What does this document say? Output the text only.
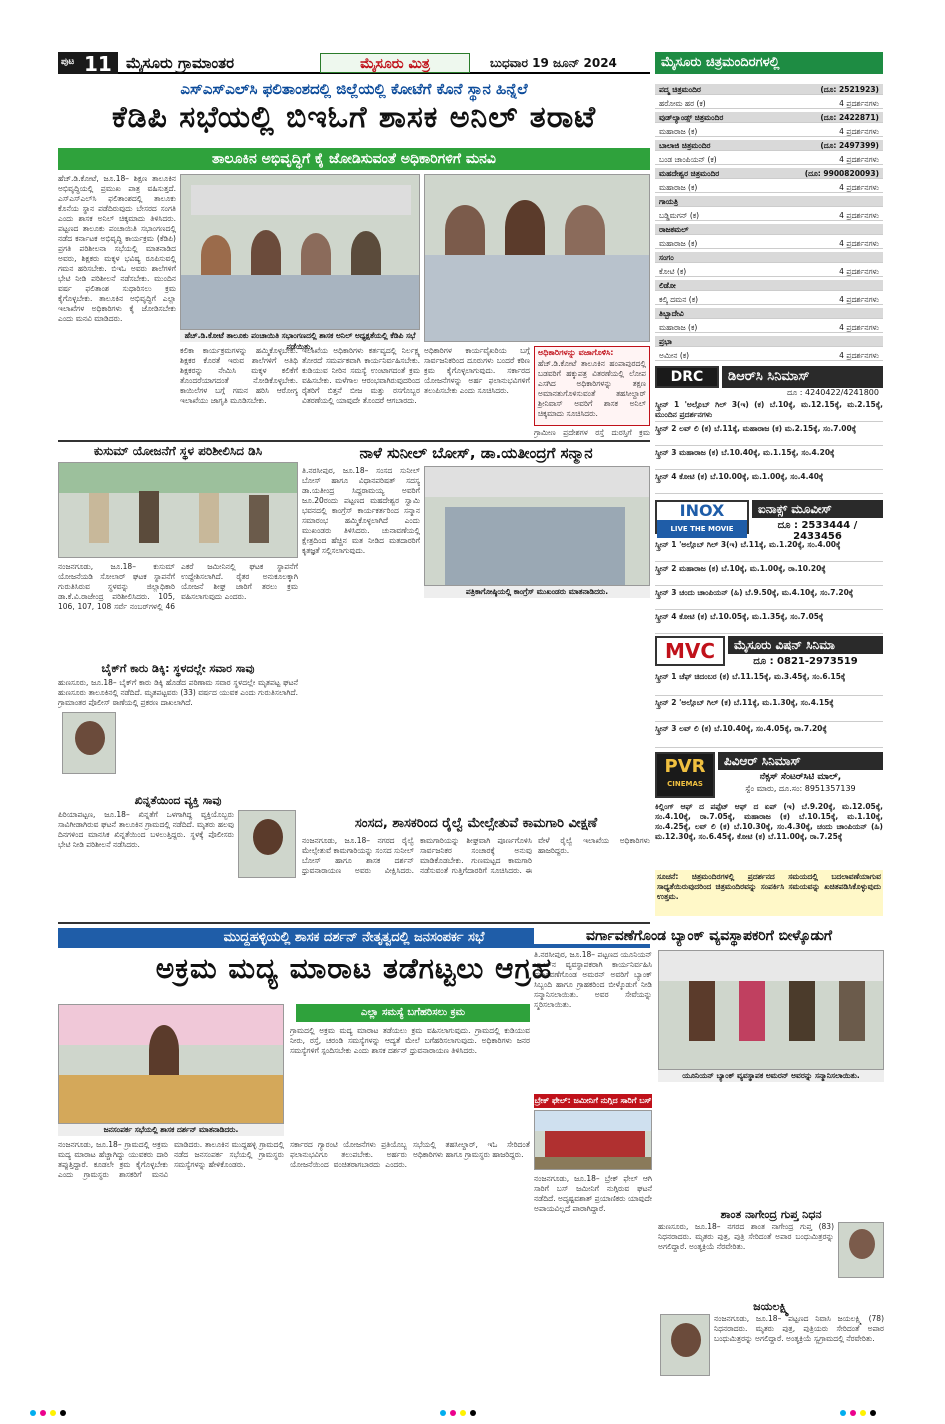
ಪುಟ 11 ಮೈಸೂರು ಗ್ರಾಮಾಂತರ	ಮೈಸೂರು ಮಿತ್ರ	ಬುಧವಾರ 19 ಜೂನ್ 2024	ಮೈಸೂರು ಚಿತ್ರಮಂದಿರಗಳಲ್ಲಿ
ಎಸ್‌ಎಸ್‌ಎಲ್‌ಸಿ ಫಲಿತಾಂಶದಲ್ಲಿ ಜಿಲ್ಲೆಯಲ್ಲಿ ಕೋಟೆಗೆ ಕೊನೆ ಸ್ಥಾನ ಹಿನ್ನೆಲೆ
ಕೆಡಿಪಿ ಸಭೆಯಲ್ಲಿ ಬಿಇಓಗೆ ಶಾಸಕ ಅನಿಲ್ ತರಾಟೆ
ತಾಲೂಕಿನ ಅಭಿವೃದ್ಧಿಗೆ ಕೈ ಜೋಡಿಸುವಂತೆ ಅಧಿಕಾರಿಗಳಿಗೆ ಮನವಿ
ಹೆಚ್.ಡಿ.ಕೋಟೆ, ಜೂ.18– ಶಿಕ್ಷಣ ತಾಲೂಕಿನ ಅಭಿವೃದ್ಧಿಯಲ್ಲಿ ಪ್ರಮುಖ ಪಾತ್ರ ವಹಿಸುತ್ತದೆ. ಎಸ್‌ಎಸ್‌ಎಲ್‌ಸಿ ಫಲಿತಾಂಶದಲ್ಲಿ ತಾಲೂಕು ಕೊನೆಯ ಸ್ಥಾನ ಪಡೆದಿರುವುದು ಬೇಸರದ ಸಂಗತಿ ಎಂದು ಶಾಸಕ ಅನಿಲ್ ಚಿಕ್ಕಮಾದು ತಿಳಿಸಿದರು. ಪಟ್ಟಣದ ತಾಲೂಕು ಪಂಚಾಯಿತಿ ಸಭಾಂಗಣದಲ್ಲಿ ನಡೆದ ಕರ್ನಾಟಕ ಅಭಿವೃದ್ಧಿ ಕಾರ್ಯಕ್ರಮ (ಕೆಡಿಪಿ) ಪ್ರಗತಿ ಪರಿಶೀಲನಾ ಸಭೆಯಲ್ಲಿ ಮಾತನಾಡಿದ ಅವರು, ಶಿಕ್ಷಕರು ಮಕ್ಕಳ ಭವಿಷ್ಯ ರೂಪಿಸುವಲ್ಲಿ ಗಮನ ಹರಿಸಬೇಕು. ಬಿಇಓ ಅವರು ಶಾಲೆಗಳಿಗೆ ಭೇಟಿ ನೀಡಿ ಪರಿಶೀಲನೆ ನಡೆಸಬೇಕು. ಮುಂದಿನ ವರ್ಷ ಫಲಿತಾಂಶ ಸುಧಾರಿಸಲು ಕ್ರಮ ಕೈಗೊಳ್ಳಬೇಕು. ತಾಲೂಕಿನ ಅಭಿವೃದ್ಧಿಗೆ ಎಲ್ಲಾ ಇಲಾಖೆಗಳ ಅಧಿಕಾರಿಗಳು ಕೈ ಜೋಡಿಸಬೇಕು ಎಂದು ಮನವಿ ಮಾಡಿದರು.
ಹೆಚ್.ಡಿ.ಕೋಟೆ ತಾಲೂಕು ಪಂಚಾಯಿತಿ ಸಭಾಂಗಣದಲ್ಲಿ ಶಾಸಕ ಅನಿಲ್ ಅಧ್ಯಕ್ಷತೆಯಲ್ಲಿ ಕೆಡಿಪಿ ಸಭೆ ನಡೆಯಿತು.
ಕಲಿಕಾ ಕಾರ್ಯಕ್ರಮಗಳನ್ನು ಹಮ್ಮಿಕೊಳ್ಳಬೇಕು. ಶಿಕ್ಷಕರ ಕೊರತೆ ಇರುವ ಶಾಲೆಗಳಿಗೆ ಅತಿಥಿ ಶಿಕ್ಷಕರನ್ನು ನೇಮಿಸಿ ಮಕ್ಕಳ ಕಲಿಕೆಗೆ ತೊಂದರೆಯಾಗದಂತೆ ನೋಡಿಕೊಳ್ಳಬೇಕು. ಕಾಯಿಲೆಗಳ ಬಗ್ಗೆ ಗಮನ ಹರಿಸಿ ಆರೋಗ್ಯ ಇಲಾಖೆಯು ಜಾಗೃತಿ ಮೂಡಿಸಬೇಕು.
ಇಲಾಖೆಯ ಅಧಿಕಾರಿಗಳು ಕರ್ತವ್ಯದಲ್ಲಿ ನಿರ್ಲಕ್ಷ್ಯ ತೋರದೆ ಸಮರ್ಪಕವಾಗಿ ಕಾರ್ಯನಿರ್ವಹಿಸಬೇಕು. ಕುಡಿಯುವ ನೀರಿನ ಸಮಸ್ಯೆ ಉಂಟಾಗದಂತೆ ಕ್ರಮ ವಹಿಸಬೇಕು. ಮಳೆಗಾಲ ಆರಂಭವಾಗಿರುವುದರಿಂದ ರೈತರಿಗೆ ಬಿತ್ತನೆ ಬೀಜ ಮತ್ತು ರಸಗೊಬ್ಬರ ವಿತರಣೆಯಲ್ಲಿ ಯಾವುದೇ ತೊಂದರೆ ಆಗಬಾರದು.
ಅಧಿಕಾರಿಗಳ ಕಾರ್ಯವೈಖರಿಯ ಬಗ್ಗೆ ಸಾರ್ವಜನಿಕರಿಂದ ದೂರುಗಳು ಬಂದರೆ ಕಠಿಣ ಕ್ರಮ ಕೈಗೊಳ್ಳಲಾಗುವುದು. ಸರ್ಕಾರದ ಯೋಜನೆಗಳನ್ನು ಅರ್ಹ ಫಲಾನುಭವಿಗಳಿಗೆ ತಲುಪಿಸಬೇಕು ಎಂದು ಸೂಚಿಸಿದರು.
ಅಧಿಕಾರಿಗಳನ್ನು ವಜಾಗೊಳಿಸಿ:
ಹೆಚ್.ಡಿ.ಕೋಟೆ ತಾಲೂಕಿನ ಹಂಪಾಪುರದಲ್ಲಿ ಬಡವರಿಗೆ ಹಕ್ಕುಪತ್ರ ವಿತರಣೆಯಲ್ಲಿ ಲೋಪ ಎಸಗಿದ ಅಧಿಕಾರಿಗಳನ್ನು ತಕ್ಷಣ ಅಮಾನತುಗೊಳಿಸುವಂತೆ ತಹಸೀಲ್ದಾರ್ ಶ್ರೀನಿವಾಸ್ ಅವರಿಗೆ ಶಾಸಕ ಅನಿಲ್ ಚಿಕ್ಕಮಾದು ಸೂಚಿಸಿದರು.
ಗ್ರಾಮೀಣ ಪ್ರದೇಶಗಳ ರಸ್ತೆ ದುರಸ್ತಿಗೆ ಕ್ರಮ
ಕುಸುಮ್ ಯೋಜನೆಗೆ ಸ್ಥಳ ಪರಿಶೀಲಿಸಿದ ಡಿಸಿ
ನಂಜನಗೂಡು, ಜೂ.18– ಕುಸುಮ್ ಯೋಜನೆಯಡಿ ಸೋಲಾರ್ ಘಟಕ ಸ್ಥಾಪನೆಗೆ ಗುರುತಿಸಿರುವ ಸ್ಥಳವನ್ನು ಜಿಲ್ಲಾಧಿಕಾರಿ ಡಾ.ಕೆ.ವಿ.ರಾಜೇಂದ್ರ ಪರಿಶೀಲಿಸಿದರು. 105, 106, 107, 108 ಸರ್ವೆ ನಂಬರ್‌ಗಳಲ್ಲಿ 46 ಎಕರೆ ಜಮೀನಿನಲ್ಲಿ ಘಟಕ ಸ್ಥಾಪನೆಗೆ ಉದ್ದೇಶಿಸಲಾಗಿದೆ. ರೈತರ ಅನುಕೂಲಕ್ಕಾಗಿ ಯೋಜನೆ ಶೀಘ್ರ ಜಾರಿಗೆ ತರಲು ಕ್ರಮ ವಹಿಸಲಾಗುವುದು ಎಂದರು.
ಬೈಕ್‌ಗೆ ಕಾರು ಡಿಕ್ಕಿ: ಸ್ಥಳದಲ್ಲೇ ಸವಾರ ಸಾವು
ಹುಣಸೂರು, ಜೂ.18– ಬೈಕ್‌ಗೆ ಕಾರು ಡಿಕ್ಕಿ ಹೊಡೆದ ಪರಿಣಾಮ ಸವಾರ ಸ್ಥಳದಲ್ಲೇ ಮೃತಪಟ್ಟ ಘಟನೆ ಹುಣಸೂರು ತಾಲೂಕಿನಲ್ಲಿ ನಡೆದಿದೆ. ಮೃತಪಟ್ಟವರು (33) ವರ್ಷದ ಯುವಕ ಎಂದು ಗುರುತಿಸಲಾಗಿದೆ. ಗ್ರಾಮಾಂತರ ಪೊಲೀಸ್ ಠಾಣೆಯಲ್ಲಿ ಪ್ರಕರಣ ದಾಖಲಾಗಿದೆ.
ಖಿನ್ನತೆಯಿಂದ ವ್ಯಕ್ತಿ ಸಾವು
ಪಿರಿಯಾಪಟ್ಟಣ, ಜೂ.18– ಖಿನ್ನತೆಗೆ ಒಳಗಾಗಿದ್ದ ವ್ಯಕ್ತಿಯೊಬ್ಬರು ಸಾವಿಗೀಡಾಗಿರುವ ಘಟನೆ ತಾಲೂಕಿನ ಗ್ರಾಮದಲ್ಲಿ ನಡೆದಿದೆ. ಮೃತರು ಹಲವು ದಿನಗಳಿಂದ ಮಾನಸಿಕ ಖಿನ್ನತೆಯಿಂದ ಬಳಲುತ್ತಿದ್ದರು. ಸ್ಥಳಕ್ಕೆ ಪೊಲೀಸರು ಭೇಟಿ ನೀಡಿ ಪರಿಶೀಲನೆ ನಡೆಸಿದರು.
ನಾಳೆ ಸುನೀಲ್ ಬೋಸ್, ಡಾ.ಯತೀಂದ್ರಗೆ ಸನ್ಮಾನ
ತಿ.ನರಸೀಪುರ, ಜೂ.18– ಸಂಸದ ಸುನೀಲ್ ಬೋಸ್ ಹಾಗೂ ವಿಧಾನಪರಿಷತ್ ಸದಸ್ಯ ಡಾ.ಯತೀಂದ್ರ ಸಿದ್ದರಾಮಯ್ಯ ಅವರಿಗೆ ಜೂ.20ರಂದು ಪಟ್ಟಣದ ಮಹದೇಶ್ವರ ಸ್ವಾಮಿ ಭವನದಲ್ಲಿ ಕಾಂಗ್ರೆಸ್ ಕಾರ್ಯಕರ್ತರಿಂದ ಸನ್ಮಾನ ಸಮಾರಂಭ ಹಮ್ಮಿಕೊಳ್ಳಲಾಗಿದೆ ಎಂದು ಮುಖಂಡರು ತಿಳಿಸಿದರು. ಚುನಾವಣೆಯಲ್ಲಿ ಕ್ಷೇತ್ರದಿಂದ ಹೆಚ್ಚಿನ ಮತ ನೀಡಿದ ಮತದಾರರಿಗೆ ಕೃತಜ್ಞತೆ ಸಲ್ಲಿಸಲಾಗುವುದು.
ಪತ್ರಿಕಾಗೋಷ್ಠಿಯಲ್ಲಿ ಕಾಂಗ್ರೆಸ್ ಮುಖಂಡರು ಮಾತನಾಡಿದರು.
ಸಂಸದ, ಶಾಸಕರಿಂದ ರೈಲ್ವೆ ಮೇಲ್ಸೇತುವೆ ಕಾಮಗಾರಿ ವೀಕ್ಷಣೆ
ನಂಜನಗೂಡು, ಜೂ.18– ನಗರದ ರೈಲ್ವೆ ಮೇಲ್ಸೇತುವೆ ಕಾಮಗಾರಿಯನ್ನು ಸಂಸದ ಸುನೀಲ್ ಬೋಸ್ ಹಾಗೂ ಶಾಸಕ ದರ್ಶನ್ ಧ್ರುವನಾರಾಯಣ ಅವರು ವೀಕ್ಷಿಸಿದರು. ಕಾಮಗಾರಿಯನ್ನು ಶೀಘ್ರವಾಗಿ ಪೂರ್ಣಗೊಳಿಸಿ ಸಾರ್ವಜನಿಕರ ಸಂಚಾರಕ್ಕೆ ಅನುವು ಮಾಡಿಕೊಡಬೇಕು. ಗುಣಮಟ್ಟದ ಕಾಮಗಾರಿ ನಡೆಸುವಂತೆ ಗುತ್ತಿಗೆದಾರರಿಗೆ ಸೂಚಿಸಿದರು. ಈ ವೇಳೆ ರೈಲ್ವೆ ಇಲಾಖೆಯ ಅಧಿಕಾರಿಗಳು ಹಾಜರಿದ್ದರು.
ಮುದ್ದಹಳ್ಳಿಯಲ್ಲಿ ಶಾಸಕ ದರ್ಶನ್ ನೇತೃತ್ವದಲ್ಲಿ ಜನಸಂಪರ್ಕ ಸಭೆ
ಅಕ್ರಮ ಮದ್ಯ ಮಾರಾಟ ತಡೆಗಟ್ಟಲು ಆಗ್ರಹ
ಜನಸಂಪರ್ಕ ಸಭೆಯಲ್ಲಿ ಶಾಸಕ ದರ್ಶನ್ ಮಾತನಾಡಿದರು.
ಎಲ್ಲಾ ಸಮಸ್ಯೆ ಬಗೆಹರಿಸಲು ಕ್ರಮ
ನಂಜನಗೂಡು, ಜೂ.18– ಗ್ರಾಮದಲ್ಲಿ ಅಕ್ರಮ ಮದ್ಯ ಮಾರಾಟ ಹೆಚ್ಚಾಗಿದ್ದು ಯುವಕರು ದಾರಿ ತಪ್ಪುತ್ತಿದ್ದಾರೆ. ಕೂಡಲೇ ಕ್ರಮ ಕೈಗೊಳ್ಳಬೇಕು ಎಂದು ಗ್ರಾಮಸ್ಥರು ಶಾಸಕರಿಗೆ ಮನವಿ ಮಾಡಿದರು. ತಾಲೂಕಿನ ಮುದ್ದಹಳ್ಳಿ ಗ್ರಾಮದಲ್ಲಿ ನಡೆದ ಜನಸಂಪರ್ಕ ಸಭೆಯಲ್ಲಿ ಗ್ರಾಮಸ್ಥರು ಸಮಸ್ಯೆಗಳನ್ನು ಹೇಳಿಕೊಂಡರು.
ಗ್ರಾಮದಲ್ಲಿ ಅಕ್ರಮ ಮದ್ಯ ಮಾರಾಟ ತಡೆಯಲು ಕ್ರಮ ವಹಿಸಲಾಗುವುದು. ಗ್ರಾಮದಲ್ಲಿ ಕುಡಿಯುವ ನೀರು, ರಸ್ತೆ, ಚರಂಡಿ ಸಮಸ್ಯೆಗಳನ್ನು ಆದ್ಯತೆ ಮೇಲೆ ಬಗೆಹರಿಸಲಾಗುವುದು. ಅಧಿಕಾರಿಗಳು ಜನರ ಸಮಸ್ಯೆಗಳಿಗೆ ಸ್ಪಂದಿಸಬೇಕು ಎಂದು ಶಾಸಕ ದರ್ಶನ್ ಧ್ರುವನಾರಾಯಣ ತಿಳಿಸಿದರು.
ಸರ್ಕಾರದ ಗ್ಯಾರಂಟಿ ಯೋಜನೆಗಳು ಪ್ರತಿಯೊಬ್ಬ ಫಲಾನುಭವಿಗೂ ತಲುಪಬೇಕು. ಅರ್ಹರು ಯೋಜನೆಯಿಂದ ವಂಚಿತರಾಗಬಾರದು ಎಂದರು. ಸಭೆಯಲ್ಲಿ ತಹಸೀಲ್ದಾರ್, ಇಓ ಸೇರಿದಂತೆ ಅಧಿಕಾರಿಗಳು ಹಾಗೂ ಗ್ರಾಮಸ್ಥರು ಹಾಜರಿದ್ದರು.
ವರ್ಗಾವಣೆಗೊಂಡ ಬ್ಯಾಂಕ್ ವ್ಯವಸ್ಥಾಪಕರಿಗೆ ಬೀಳ್ಕೊಡುಗೆ
ತಿ.ನರಸೀಪುರ, ಜೂ.18– ಪಟ್ಟಣದ ಯೂನಿಯನ್ ಬ್ಯಾಂಕ್‌ನ ವ್ಯವಸ್ಥಾಪಕರಾಗಿ ಕಾರ್ಯನಿರ್ವಹಿಸಿ ವರ್ಗಾವಣೆಗೊಂಡ ಅಮರನ್ ಅವರಿಗೆ ಬ್ಯಾಂಕ್ ಸಿಬ್ಬಂದಿ ಹಾಗೂ ಗ್ರಾಹಕರಿಂದ ಬೀಳ್ಕೊಡುಗೆ ನೀಡಿ ಸನ್ಮಾನಿಸಲಾಯಿತು. ಅವರ ಸೇವೆಯನ್ನು ಸ್ಮರಿಸಲಾಯಿತು.
ಯೂನಿಯನ್ ಬ್ಯಾಂಕ್ ವ್ಯವಸ್ಥಾಪಕ ಅಮರನ್ ಅವರನ್ನು ಸನ್ಮಾನಿಸಲಾಯಿತು.
ಬ್ರೇಕ್ ಫೇಲ್: ಜಮೀನಿಗೆ ನುಗ್ಗಿದ ಸಾರಿಗೆ ಬಸ್
ನಂಜನಗೂಡು, ಜೂ.18– ಬ್ರೇಕ್ ಫೇಲ್ ಆಗಿ ಸಾರಿಗೆ ಬಸ್ ಜಮೀನಿಗೆ ನುಗ್ಗಿರುವ ಘಟನೆ ನಡೆದಿದೆ. ಅದೃಷ್ಟವಶಾತ್ ಪ್ರಯಾಣಿಕರು ಯಾವುದೇ ಅಪಾಯವಿಲ್ಲದೆ ಪಾರಾಗಿದ್ದಾರೆ.	ಶಾಂತ ನಾಗೇಂದ್ರ ಗುಪ್ತ ನಿಧನ
ಹುಣಸೂರು, ಜೂ.18– ನಗರದ ಶಾಂತ ನಾಗೇಂದ್ರ ಗುಪ್ತ (83) ನಿಧನರಾದರು. ಮೃತರು ಪುತ್ರ, ಪುತ್ರಿ ಸೇರಿದಂತೆ ಅಪಾರ ಬಂಧುಮಿತ್ರರನ್ನು ಅಗಲಿದ್ದಾರೆ. ಅಂತ್ಯಕ್ರಿಯೆ ನೆರವೇರಿತು.
ಜಯಲಕ್ಷ್ಮಿ
ನಂಜನಗೂಡು, ಜೂ.18– ಪಟ್ಟಣದ ನಿವಾಸಿ ಜಯಲಕ್ಷ್ಮಿ (78) ನಿಧನರಾದರು. ಮೃತರು ಪುತ್ರ, ಪುತ್ರಿಯರು ಸೇರಿದಂತೆ ಅಪಾರ ಬಂಧುಮಿತ್ರರನ್ನು ಅಗಲಿದ್ದಾರೆ. ಅಂತ್ಯಕ್ರಿಯೆ ಸ್ವಗ್ರಾಮದಲ್ಲಿ ನೆರವೇರಿತು.
ಪದ್ಮ ಚಿತ್ರಮಂದಿರ	(ದೂ: 2521923)
ಹರೋಮ ಹರ (ಕ)	4 ಪ್ರದರ್ಶನಗಳು
ವುಡ್‌ಲ್ಯಾಂಡ್ಸ್ ಚಿತ್ರಮಂದಿರ	(ದೂ: 2422871)
ಮಹಾರಾಜ (ಕ)	4 ಪ್ರದರ್ಶನಗಳು
ಬಾಲಾಜಿ ಚಿತ್ರಮಂದಿರ	(ದೂ: 2497399)
ಬಂಡ ಚಾಂಪಿಯನ್ (ಕ)	4 ಪ್ರದರ್ಶನಗಳು
ಮಹದೇಶ್ವರ ಚಿತ್ರಮಂದಿರ	(ದೂ: 9900820093)
ಮಹಾರಾಜ (ಕ)	4 ಪ್ರದರ್ಶನಗಳು
ಗಾಯತ್ರಿ
ಬಡ್ಡಿಮಗನ್ (ಕ)	4 ಪ್ರದರ್ಶನಗಳು
ರಾಜಕಮಲ್
ಮಹಾರಾಜ (ಕ)	4 ಪ್ರದರ್ಶನಗಳು
ಸಂಗಂ
ಕೋಟಿ (ಕ)	4 ಪ್ರದರ್ಶನಗಳು
ಲಿಡೋ
ಕಲ್ಕಿ ದಮನ (ಕ)	4 ಪ್ರದರ್ಶನಗಳು
ತಿಬ್ಬಾದೇವಿ
ಮಹಾರಾಜ (ಕ)	4 ಪ್ರದರ್ಶನಗಳು
ಪ್ರಭಾ
ಅಮೀನ (ಕ)	4 ಪ್ರದರ್ಶನಗಳು
DRC	ಡಿಆರ್‌ಸಿ ಸಿನಿಮಾಸ್
ದೂ : 4240422/4241800
ಸ್ಕ್ರೀನ್ 1 'ಅಲ್ಗೊಬ್ ಗಿಲ್ 3(ಇ) (ಕ) ಬೆ.10ಕ್ಕೆ, ಮ.12.15ಕ್ಕೆ, ಮ.2.15ಕ್ಕೆ, ಮುಂದಿನ ಪ್ರದರ್ಶನಗಳು
ಸ್ಕ್ರೀನ್ 2 ಲವ್ ಲಿ (ಕ) ಬೆ.11ಕ್ಕೆ, ಮಹಾರಾಜ (ಕ) ಮ.2.15ಕ್ಕೆ, ಸಂ.7.00ಕ್ಕೆ
ಸ್ಕ್ರೀನ್ 3 ಮಹಾರಾಜ (ಕ) ಬೆ.10.40ಕ್ಕೆ, ಮ.1.15ಕ್ಕೆ, ಸಂ.4.20ಕ್ಕೆ
ಸ್ಕ್ರೀನ್ 4 ಕೋಟಿ (ಕ) ಬೆ.10.00ಕ್ಕೆ, ಮ.1.00ಕ್ಕೆ, ಸಂ.4.40ಕ್ಕೆ
INOX
LIVE THE MOVIE
ಐನಾಕ್ಸ್ ಮೂವೀಸ್
ದೂ : 2533444 / 2433456
ಸ್ಕ್ರೀನ್ 1 'ಅಲ್ಗೊಬ್ ಗಿಲ್ 3(ಇ) ಬೆ.11ಕ್ಕೆ, ಮ.1.20ಕ್ಕೆ, ಸಂ.4.00ಕ್ಕೆ
ಸ್ಕ್ರೀನ್ 2 ಮಹಾರಾಜ (ಕ) ಬೆ.10ಕ್ಕೆ, ಮ.1.00ಕ್ಕೆ, ರಾ.10.20ಕ್ಕೆ
ಸ್ಕ್ರೀನ್ 3 ಚಂದು ಚಾಂಪಿಯನ್ (ಹಿ) ಬೆ.9.50ಕ್ಕೆ, ಮ.4.10ಕ್ಕೆ, ಸಂ.7.20ಕ್ಕೆ
ಸ್ಕ್ರೀನ್ 4 ಕೋಟಿ (ಕ) ಬೆ.10.05ಕ್ಕೆ, ಮ.1.35ಕ್ಕೆ, ಸಂ.7.05ಕ್ಕೆ
MVC	ಮೈಸೂರು ವಿಷನ್ ಸಿನಿಮಾ
ದೂ : 0821-2973519
ಸ್ಕ್ರೀನ್ 1 ಚೆಫ್ ಚಿದಂಬರ (ಕ) ಬೆ.11.15ಕ್ಕೆ, ಮ.3.45ಕ್ಕೆ, ಸಂ.6.15ಕ್ಕೆ
ಸ್ಕ್ರೀನ್ 2 'ಅಲ್ಗೊಬ್ ಗಿಲ್ (ಕ) ಬೆ.11ಕ್ಕೆ, ಮ.1.30ಕ್ಕೆ, ಸಂ.4.15ಕ್ಕೆ
ಸ್ಕ್ರೀನ್ 3 ಲವ್ ಲಿ (ಕ) ಬೆ.10.40ಕ್ಕೆ, ಸಂ.4.05ಕ್ಕೆ, ರಾ.7.20ಕ್ಕೆ
PVR
CINEMAS
ಪಿವಿಆರ್ ಸಿನಿಮಾಸ್
ನೆಕ್ಸಸ್ ಸೆಂಟರ್‌ಸಿಟಿ ಮಾಲ್,
ಸ್ಪೆಂ ಮಾರು, ದೂ.ಸಂ: 8951357139
ಕಿಲ್ಲಿಂಗ್ ಆಫ್ ದ ಪಪ್ಪೆಟ್ ಆಫ್ ದ ಏಪ್ (ಇ) ಬೆ.9.20ಕ್ಕೆ, ಮ.12.05ಕ್ಕೆ, ಸಂ.4.10ಕ್ಕೆ, ರಾ.7.05ಕ್ಕೆ, ಮಹಾರಾಜ (ಕ) ಬೆ.10.15ಕ್ಕೆ, ಮ.1.10ಕ್ಕೆ, ಸಂ.4.25ಕ್ಕೆ, ಲವ್ ಲಿ (ಕ) ಬೆ.10.30ಕ್ಕೆ, ಸಂ.4.30ಕ್ಕೆ, ಚಂದು ಚಾಂಪಿಯನ್ (ಹಿ) ಮ.12.30ಕ್ಕೆ, ಸಂ.6.45ಕ್ಕೆ, ಕೋಟಿ (ಕ) ಬೆ.11.00ಕ್ಕೆ, ರಾ.7.25ಕ್ಕೆ
ಸೂಚನೆ: ಚಿತ್ರಮಂದಿರಗಳಲ್ಲಿ ಪ್ರದರ್ಶನದ ಸಮಯದಲ್ಲಿ ಬದಲಾವಣೆಯಾಗುವ ಸಾಧ್ಯತೆಯಿರುವುದರಿಂದ ಚಿತ್ರಮಂದಿರವನ್ನು ಸಂಪರ್ಕಿಸಿ ಸಮಯವನ್ನು ಖಚಿತಪಡಿಸಿಕೊಳ್ಳುವುದು ಉತ್ತಮ.
